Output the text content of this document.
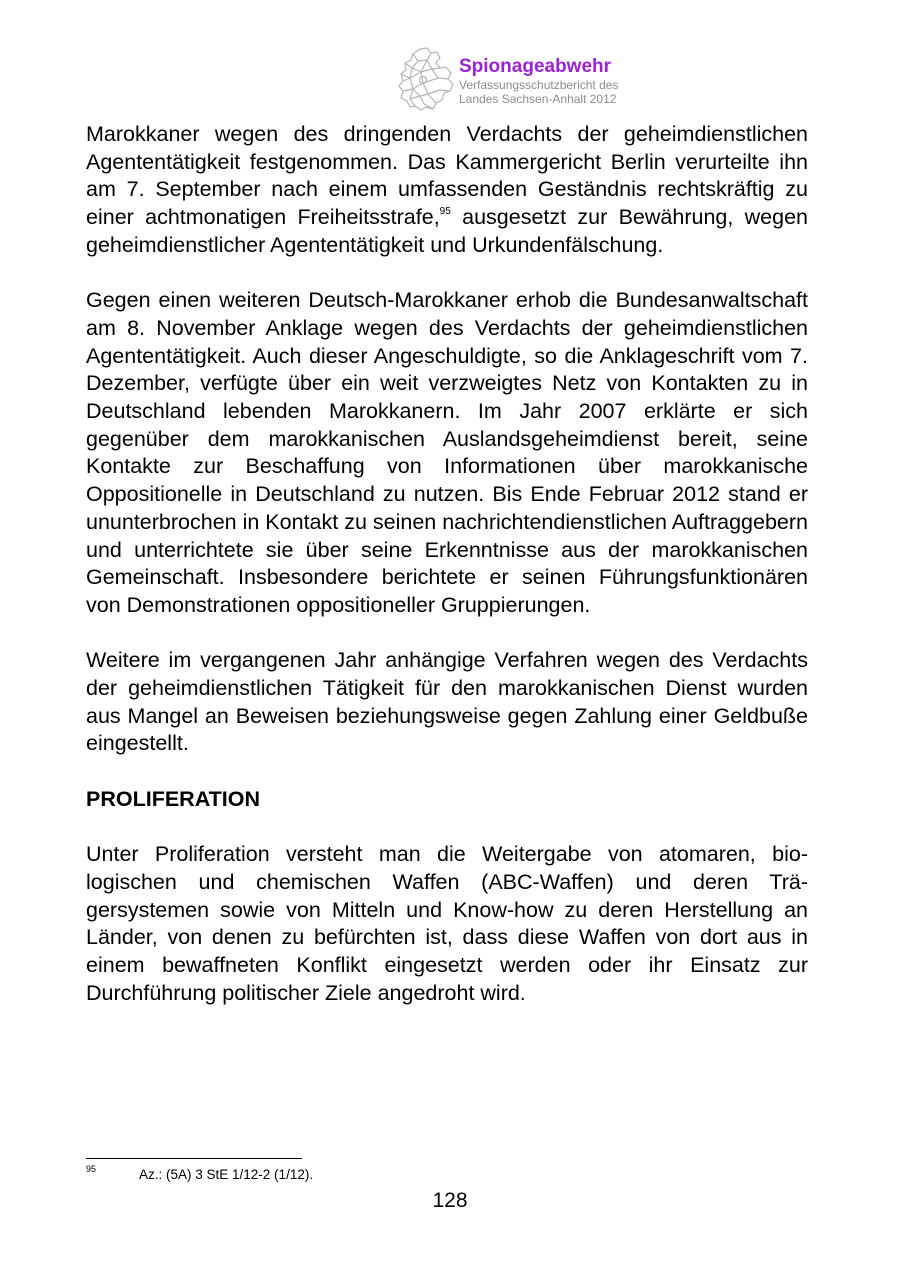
Spionageabwehr
Verfassungsschutzbericht des
Landes Sachsen-Anhalt 2012

Marokkaner wegen des dringenden Verdachts der geheimdienstlichen Agententätigkeit festgenommen. Das Kammergericht Berlin verurteilte ihn am 7. September nach einem umfassenden Geständnis rechtskräftig zu einer achtmonatigen Freiheitsstrafe,$^{95}$ ausgesetzt zur Bewährung, wegen geheimdienstlicher Agententätigkeit und Urkundenfälschung.

Gegen einen weiteren Deutsch-Marokkaner erhob die Bundesanwaltschaft am 8. November Anklage wegen des Verdachts der geheimdienstlichen Agententätigkeit. Auch dieser Angeschuldigte, so die Anklageschrift vom 7. Dezember, verfügte über ein weit verzweigtes Netz von Kontakten zu in Deutschland lebenden Marokkanern. Im Jahr 2007 erklärte er sich gegenüber dem marokkanischen Auslandsgeheimdienst bereit, seine Kontakte zur Beschaffung von Informationen über marokkanische Oppositionelle in Deutschland zu nutzen. Bis Ende Februar 2012 stand er ununterbrochen in Kontakt zu seinen nachrichtendienstlichen Auftraggebern und unterrichtete sie über seine Erkenntnisse aus der marokkanischen Gemeinschaft. Insbesondere berichtete er seinen Führungsfunktionären von Demonstrationen oppositioneller Gruppierungen.

Weitere im vergangenen Jahr anhängige Verfahren wegen des Verdachts der geheimdienstlichen Tätigkeit für den marokkanischen Dienst wurden aus Mangel an Beweisen beziehungsweise gegen Zahlung einer Geldbuße eingestellt.

PROLIFERATION

Unter Proliferation versteht man die Weitergabe von atomaren, biologischen und chemischen Waffen (ABC-Waffen) und deren Trägersystemen sowie von Mitteln und Know-how zu deren Herstellung an Länder, von denen zu befürchten ist, dass diese Waffen von dort aus in einem bewaffneten Konflikt eingesetzt werden oder ihr Einsatz zur Durchführung politischer Ziele angedroht wird.

95	Az.: (5A) 3 StE 1/12-2 (1/12).
128
